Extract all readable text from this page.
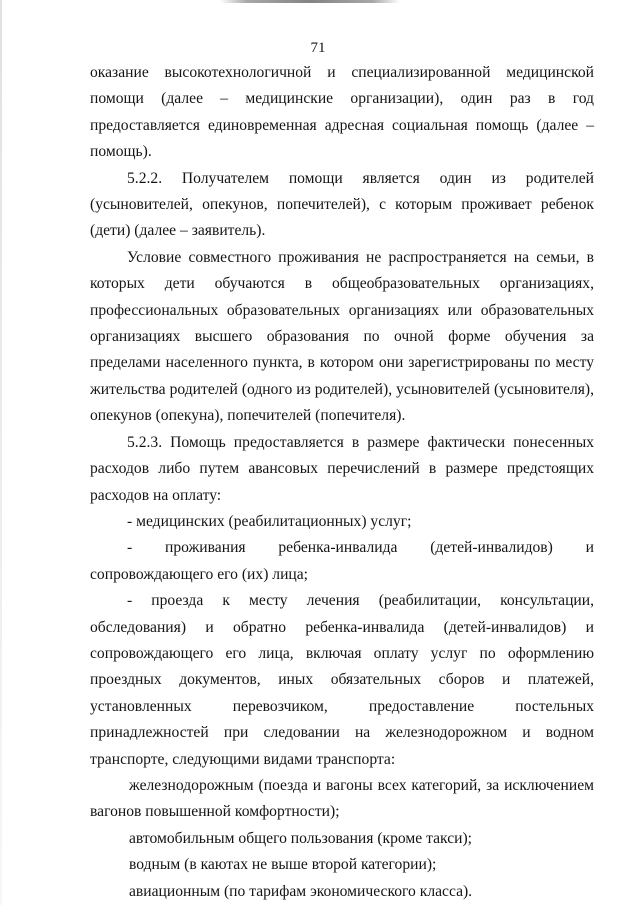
71

оказание высокотехнологичной и специализированной медицинской помощи (далее – медицинские организации), один раз в год предоставляется единовременная адресная социальная помощь (далее – помощь).

5.2.2. Получателем помощи является один из родителей (усыновителей, опекунов, попечителей), с которым проживает ребенок (дети) (далее – заявитель).

Условие совместного проживания не распространяется на семьи, в которых дети обучаются в общеобразовательных организациях, профессиональных образовательных организациях или образовательных организациях высшего образования по очной форме обучения за пределами населенного пункта, в котором они зарегистрированы по месту жительства родителей (одного из родителей), усыновителей (усыновителя), опекунов (опекуна), попечителей (попечителя).

5.2.3. Помощь предоставляется в размере фактически понесенных расходов либо путем авансовых перечислений в размере предстоящих расходов на оплату:

- медицинских (реабилитационных) услуг;

- проживания ребенка-инвалида (детей-инвалидов) и сопровождающего его (их) лица;

- проезда к месту лечения (реабилитации, консультации, обследования) и обратно ребенка-инвалида (детей-инвалидов) и сопровождающего его лица, включая оплату услуг по оформлению проездных документов, иных обязательных сборов и платежей, установленных перевозчиком, предоставление постельных принадлежностей при следовании на железнодорожном и водном транспорте, следующими видами транспорта:

железнодорожным (поезда и вагоны всех категорий, за исключением вагонов повышенной комфортности);

автомобильным общего пользования (кроме такси);

водным (в каютах не выше второй категории);

авиационным (по тарифам экономического класса).
